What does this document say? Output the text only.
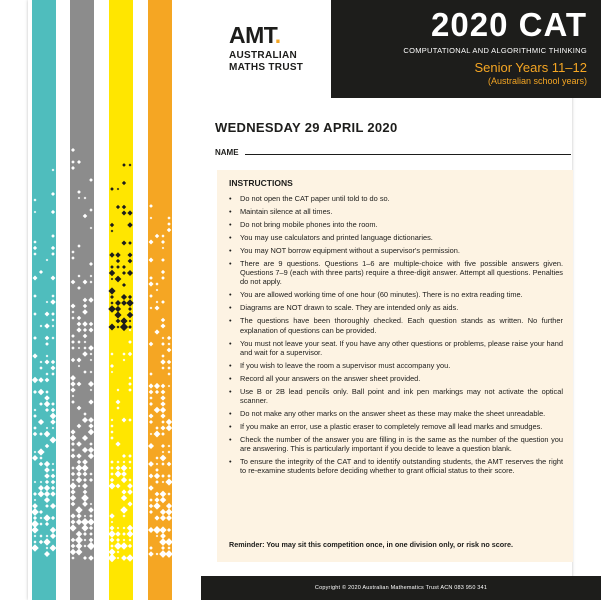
AMT.
AUSTRALIAN
MATHS TRUST
2020 CAT
COMPUTATIONAL AND ALGORITHMIC THINKING
Senior Years 11–12
(Australian school years)
WEDNESDAY 29 APRIL 2020
NAME
INSTRUCTIONS
• Do not open the CAT paper until told to do so.
• Maintain silence at all times.
• Do not bring mobile phones into the room.
• You may use calculators and printed language dictionaries.
• You may NOT borrow equipment without a supervisor's permission.
• There are 9 questions. Questions 1–6 are multiple-choice with five possible answers given. Questions 7–9 (each with three parts) require a three-digit answer. Attempt all questions. Penalties do not apply.
• You are allowed working time of one hour (60 minutes). There is no extra reading time.
• Diagrams are NOT drawn to scale. They are intended only as aids.
• The questions have been thoroughly checked. Each question stands as written. No further explanation of questions can be provided.
• You must not leave your seat. If you have any other questions or problems, please raise your hand and wait for a supervisor.
• If you wish to leave the room a supervisor must accompany you.
• Record all your answers on the answer sheet provided.
• Use B or 2B lead pencils only. Ball point and ink pen markings may not activate the optical scanner.
• Do not make any other marks on the answer sheet as these may make the sheet unreadable.
• If you make an error, use a plastic eraser to completely remove all lead marks and smudges.
• Check the number of the answer you are filling in is the same as the number of the question you are answering. This is particularly important if you decide to leave a question blank.
• To ensure the integrity of the CAT and to identify outstanding students, the AMT reserves the right to re-examine students before deciding whether to grant official status to their score.
Reminder: You may sit this competition once, in one division only, or risk no score.
Copyright © 2020 Australian Mathematics Trust ACN 083 950 341
